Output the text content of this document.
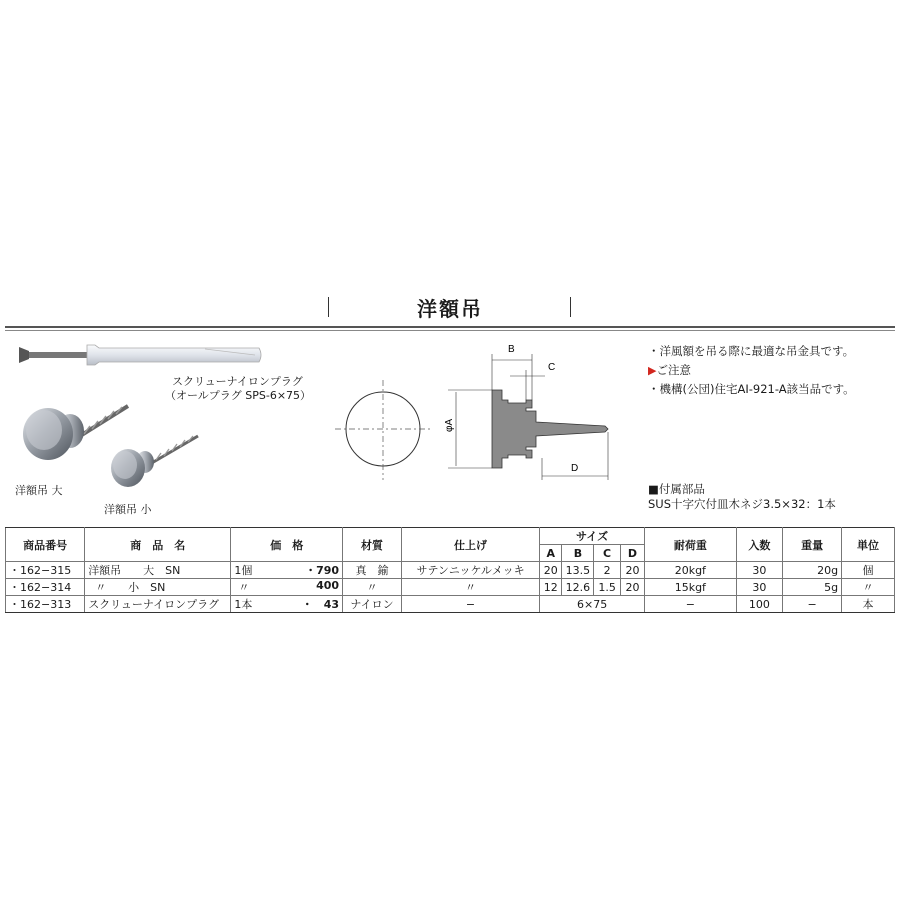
洋額吊
スクリューナイロンプラグ
（オールプラグ SPS-6×75）
洋額吊 大
洋額吊 小
B
C
φA
D
・洋風額を吊る際に最適な吊金具です。
▶ご注意
・機構(公団)住宅AI-921-A該当品です。
■付属部品
SUS十字穴付皿木ネジ3.5×32：1本
商品番号	商　品　名	価　格	材質	仕上げ	サイズ				耐荷重	入数	重量	単位
					A	B	C	D				
・162−315	洋額吊　　大　SN	1個 ・790	真　鍮	サテンニッケルメッキ	20	13.5	2	20	20kgf	30	20g	個
・162−314	〃　　小　SN	〃 400	〃	〃	12	12.6	1.5	20	15kgf	30	5g	〃
・162−313	スクリューナイロンプラグ	1本 ・　43	ナイロン	−	6×75				−	100	−	本
